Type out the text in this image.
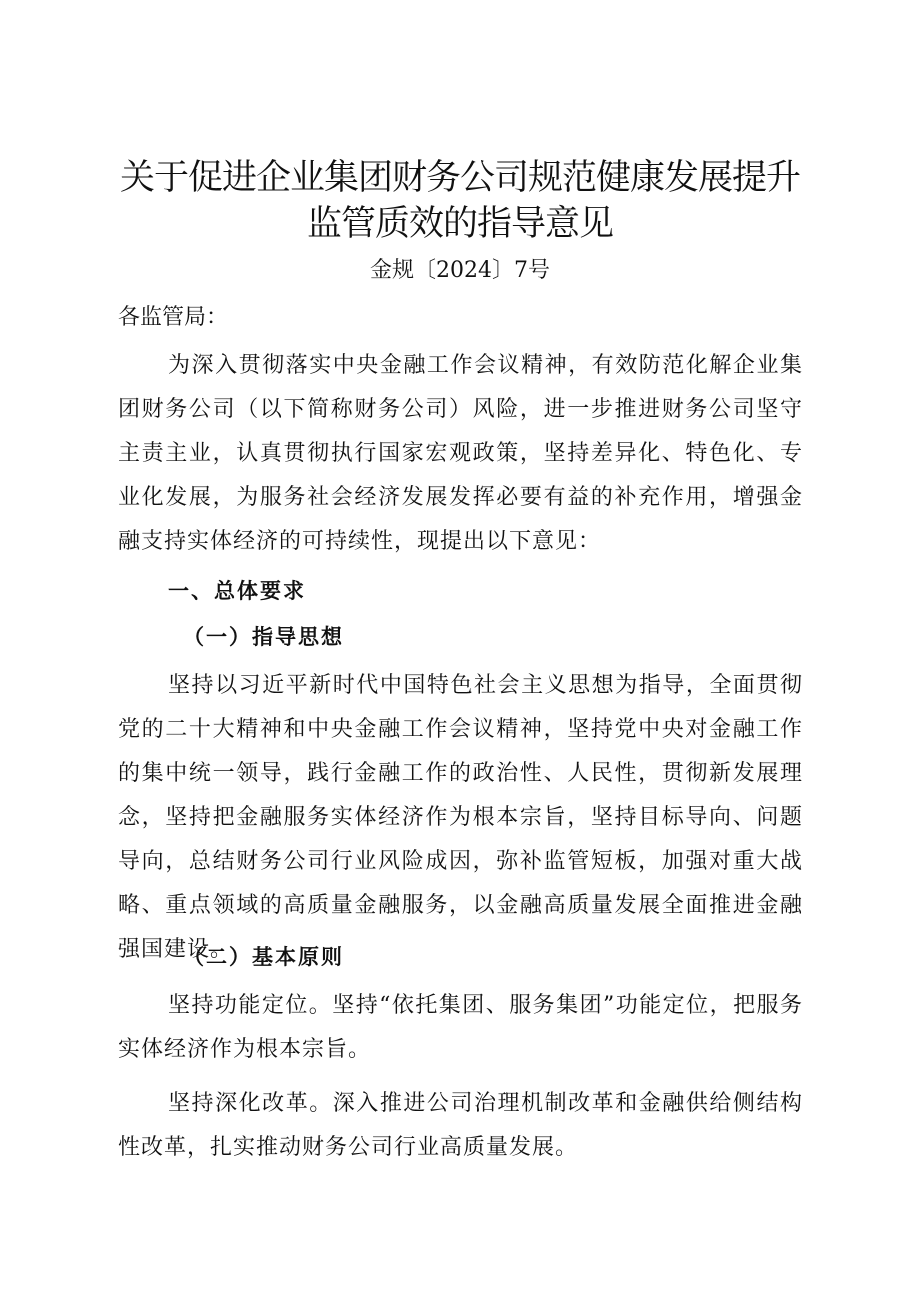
关于促进企业集团财务公司规范健康发展提升
监管质效的指导意见
金规〔2024〕7号
各监管局：

为深入贯彻落实中央金融工作会议精神，有效防范化解企业集团财务公司（以下简称财务公司）风险，进一步推进财务公司坚守主责主业，认真贯彻执行国家宏观政策，坚持差异化、特色化、专业化发展，为服务社会经济发展发挥必要有益的补充作用，增强金融支持实体经济的可持续性，现提出以下意见：

一、总体要求
（一）指导思想

坚持以习近平新时代中国特色社会主义思想为指导，全面贯彻党的二十大精神和中央金融工作会议精神，坚持党中央对金融工作的集中统一领导，践行金融工作的政治性、人民性，贯彻新发展理念，坚持把金融服务实体经济作为根本宗旨，坚持目标导向、问题导向，总结财务公司行业风险成因，弥补监管短板，加强对重大战略、重点领域的高质量金融服务，以金融高质量发展全面推进金融强国建设。

（二）基本原则

坚持功能定位。坚持“依托集团、服务集团”功能定位，把服务实体经济作为根本宗旨。

坚持深化改革。深入推进公司治理机制改革和金融供给侧结构性改革，扎实推动财务公司行业高质量发展。
